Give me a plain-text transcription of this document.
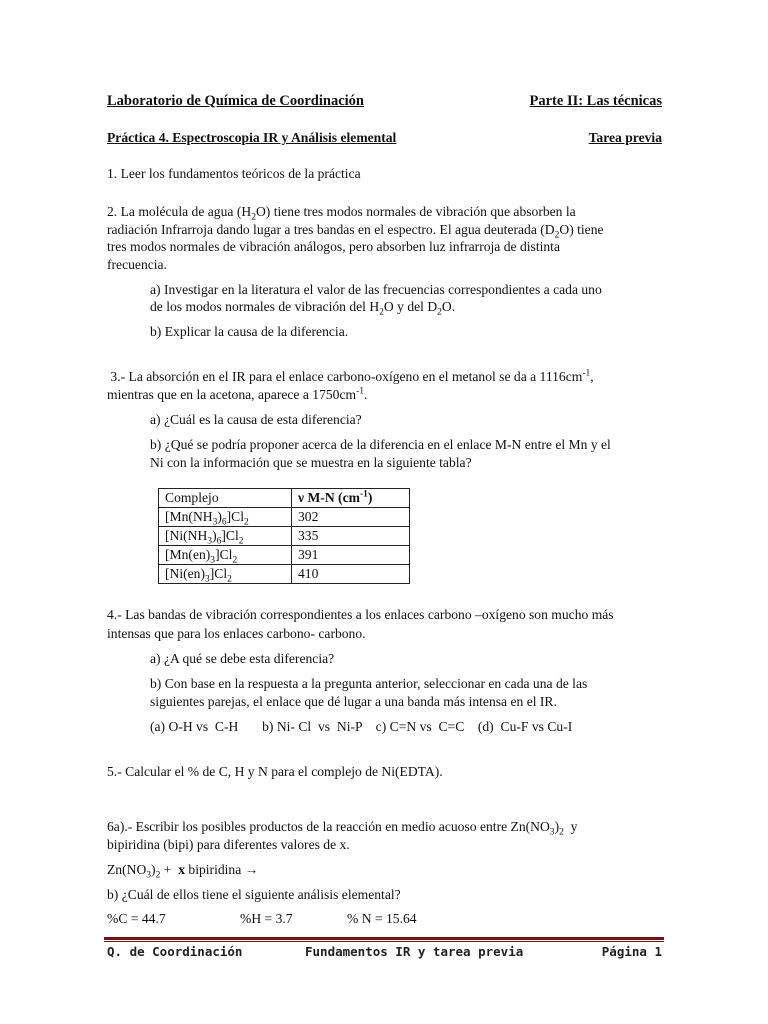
Laboratorio de Química de Coordinación	Parte II: Las técnicas
Práctica 4. Espectroscopia IR y Análisis elemental	Tarea previa
1. Leer los fundamentos teóricos de la práctica
2. La molécula de agua $(H_2O)$ tiene tres modos normales de vibración que absorben la
radiación Infrarroja dando lugar a tres bandas en el espectro. El agua deuterada $(D_2O)$ tiene
tres modos normales de vibración análogos, pero absorben luz infrarroja de distinta
frecuencia.
a) Investigar en la literatura el valor de las frecuencias correspondientes a cada uno
de los modos normales de vibración del $H_2O$ y del $D_2O$.
b) Explicar la causa de la diferencia.
3.- La absorción en el IR para el enlace carbono-oxígeno en el metanol se da a $1116cm^{-1}$,
mientras que en la acetona, aparece a $1750cm^{-1}$.
a) ¿Cuál es la causa de esta diferencia?
b) ¿Qué se podría proponer acerca de la diferencia en el enlace M-N entre el Mn y el
Ni con la información que se muestra en la siguiente tabla?
Complejo	ν M-N $(cm^{-1})$
$[Mn(NH_3)_6]Cl_2$	302
$[Ni(NH_3)_6]Cl_2$	335
$[Mn(en)_3]Cl_2$	391
$[Ni(en)_3]Cl_2$	410
4.- Las bandas de vibración correspondientes a los enlaces carbono –oxígeno son mucho más
intensas que para los enlaces carbono- carbono.
a) ¿A qué se debe esta diferencia?
b) Con base en la respuesta a la pregunta anterior, seleccionar en cada una de las
siguientes parejas, el enlace que dé lugar a una banda más intensa en el IR.
(a) O-H vs  C-H       b) Ni- Cl  vs  Ni-P    c) C=N vs  C=C    (d)  Cu-F vs Cu-I
5.- Calcular el % de C, H y N para el complejo de Ni(EDTA).
6a).- Escribir los posibles productos de la reacción en medio acuoso entre $Zn(NO_3)_2$  y
bipiridina (bipi) para diferentes valores de x.
$Zn(NO_3)_2 + x$ bipiridina →
b) ¿Cuál de ellos tiene el siguiente análisis elemental?
%C = 44.7	%H = 3.7	% N = 15.64
Q. de Coordinación	Fundamentos IR y tarea previa	Página 1
